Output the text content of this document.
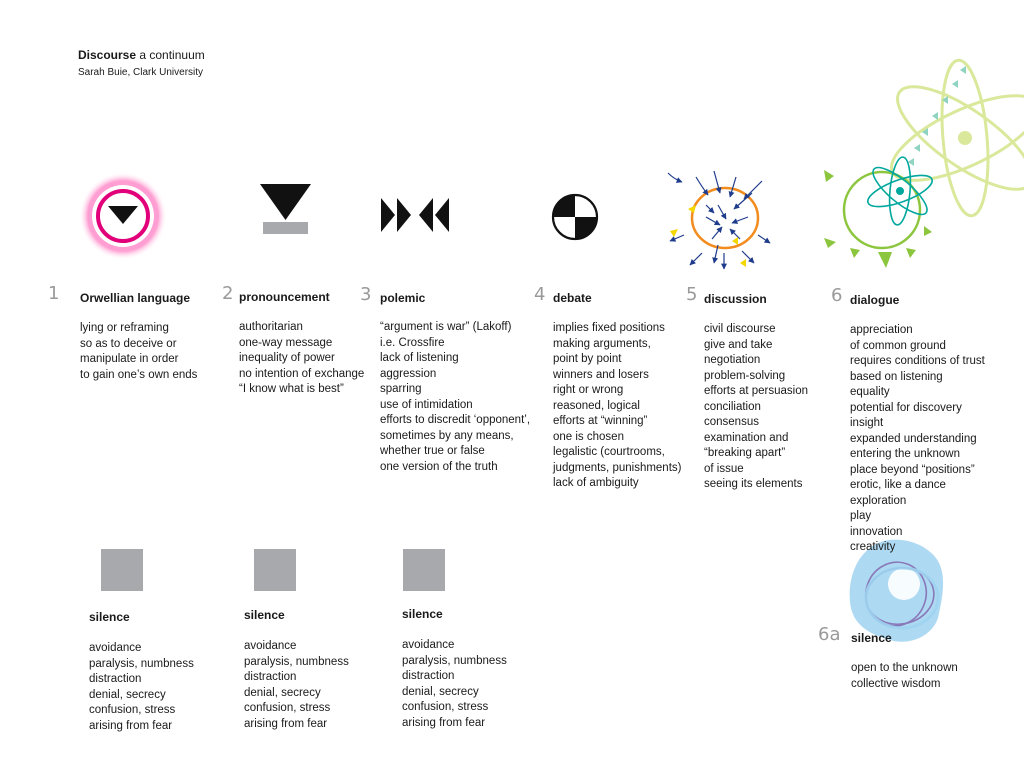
Discourse a continuum
Sarah Buie, Clark University
1 Orwellian language
lying or reframing
so as to deceive or
manipulate in order
to gain one’s own ends
2 pronouncement
authoritarian
one-way message
inequality of power
no intention of exchange
“I know what is best”
3 polemic
“argument is war” (Lakoff)
i.e. Crossfire
lack of listening
aggression
sparring
use of intimidation
efforts to discredit ‘opponent’,
sometimes by any means,
whether true or false
one version of the truth
4 debate
implies fixed positions
making arguments,
point by point
winners and losers
right or wrong
reasoned, logical
efforts at “winning”
one is chosen
legalistic (courtrooms,
judgments, punishments)
lack of ambiguity
5 discussion
civil discourse
give and take
negotiation
problem-solving
efforts at persuasion
conciliation
consensus
examination and
“breaking apart”
of issue
seeing its elements
6 dialogue
appreciation
of common ground
requires conditions of trust
based on listening
equality
potential for discovery
insight
expanded understanding
entering the unknown
place beyond “positions”
erotic, like a dance
exploration
play
innovation
creativity
silence
avoidance
paralysis, numbness
distraction
denial, secrecy
confusion, stress
arising from fear
silence
avoidance
paralysis, numbness
distraction
denial, secrecy
confusion, stress
arising from fear
silence
avoidance
paralysis, numbness
distraction
denial, secrecy
confusion, stress
arising from fear
6a silence
open to the unknown
collective wisdom
